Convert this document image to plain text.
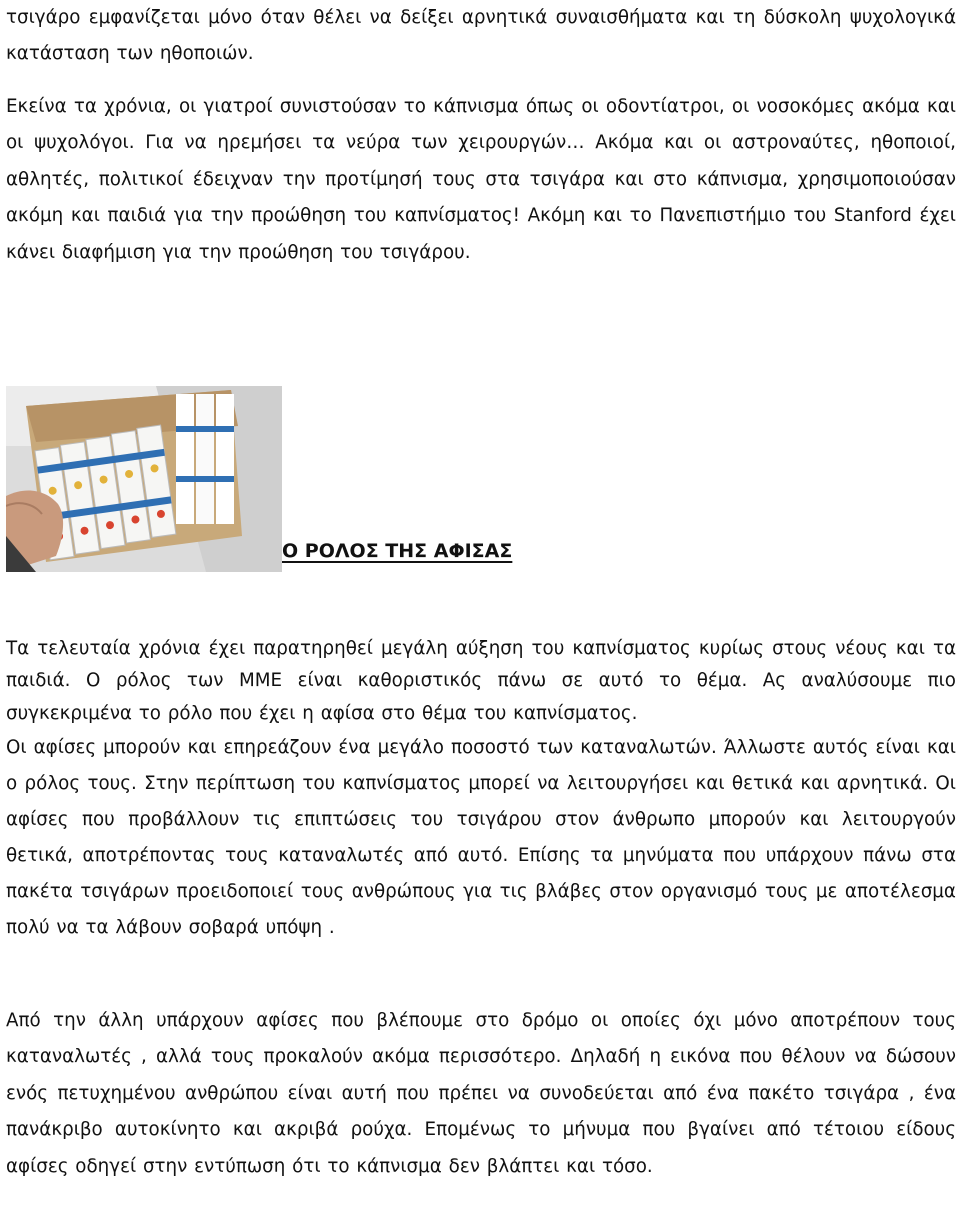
τσιγάρο εμφανίζεται μόνο όταν θέλει να δείξει αρνητικά συναισθήματα και τη δύσκολη ψυχολογικά κατάσταση των ηθοποιών.

Εκείνα τα χρόνια, οι γιατροί συνιστούσαν το κάπνισμα όπως οι οδοντίατροι, οι νοσοκόμες ακόμα και οι ψυχολόγοι. Για να ηρεμήσει τα νεύρα των χειρουργών… Ακόμα και οι αστροναύτες, ηθοποιοί, αθλητές, πολιτικοί έδειχναν την προτίμησή τους στα τσιγάρα και στο κάπνισμα, χρησιμοποιούσαν ακόμη και παιδιά για την προώθηση του καπνίσματος! Ακόμη και το Πανεπιστήμιο του Stanford έχει κάνει διαφήμιση για την προώθηση του τσιγάρου.

Ο ΡΟΛΟΣ ΤΗΣ ΑΦΙΣΑΣ

Τα τελευταία χρόνια έχει παρατηρηθεί μεγάλη αύξηση του καπνίσματος κυρίως στους νέους και τα παιδιά. Ο ρόλος των ΜΜΕ είναι καθοριστικός πάνω σε αυτό το θέμα. Ας αναλύσουμε πιο συγκεκριμένα το ρόλο που έχει η αφίσα στο θέμα του καπνίσματος.

Οι αφίσες μπορούν και επηρεάζουν ένα μεγάλο ποσοστό των καταναλωτών. Άλλωστε αυτός είναι και ο ρόλος τους. Στην περίπτωση του καπνίσματος μπορεί να λειτουργήσει και θετικά και αρνητικά. Οι αφίσες που προβάλλουν τις επιπτώσεις του τσιγάρου στον άνθρωπο μπορούν και λειτουργούν θετικά, αποτρέποντας τους καταναλωτές από αυτό. Επίσης τα μηνύματα που υπάρχουν πάνω στα πακέτα τσιγάρων προειδοποιεί τους ανθρώπους για τις βλάβες στον οργανισμό τους με αποτέλεσμα πολύ να τα λάβουν σοβαρά υπόψη .

Από την άλλη υπάρχουν αφίσες που βλέπουμε στο δρόμο οι οποίες όχι μόνο αποτρέπουν τους καταναλωτές , αλλά τους προκαλούν ακόμα περισσότερο. Δηλαδή η εικόνα που θέλουν να δώσουν ενός πετυχημένου ανθρώπου είναι αυτή που πρέπει να συνοδεύεται από ένα πακέτο τσιγάρα , ένα πανάκριβο αυτοκίνητο και ακριβά ρούχα. Επομένως το μήνυμα που βγαίνει από τέτοιου είδους αφίσες οδηγεί στην εντύπωση ότι το κάπνισμα δεν βλάπτει και τόσο.
